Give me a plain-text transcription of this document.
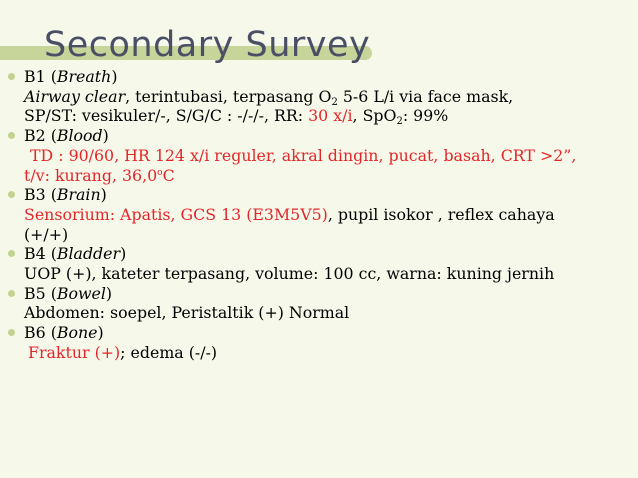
Secondary Survey
B1 (Breath)
Airway clear, terintubasi, terpasang $O_2$ 5-6 L/i via face mask,
SP/ST: vesikuler/-, S/G/C : -/-/-, RR: 30 x/i, SpO$_2$: 99%
B2 (Blood)
TD : 90/60, HR 124 x/i reguler, akral dingin, pucat, basah, CRT >2”,
t/v: kurang, 36,0$^o$C
B3 (Brain)
Sensorium: Apatis, GCS 13 (E3M5V5), pupil isokor , reflex cahaya
(+/+)
B4 (Bladder)
UOP (+), kateter terpasang, volume: 100 cc, warna: kuning jernih
B5 (Bowel)
Abdomen: soepel, Peristaltik (+) Normal
B6 (Bone)
Fraktur (+); edema (-/-)
